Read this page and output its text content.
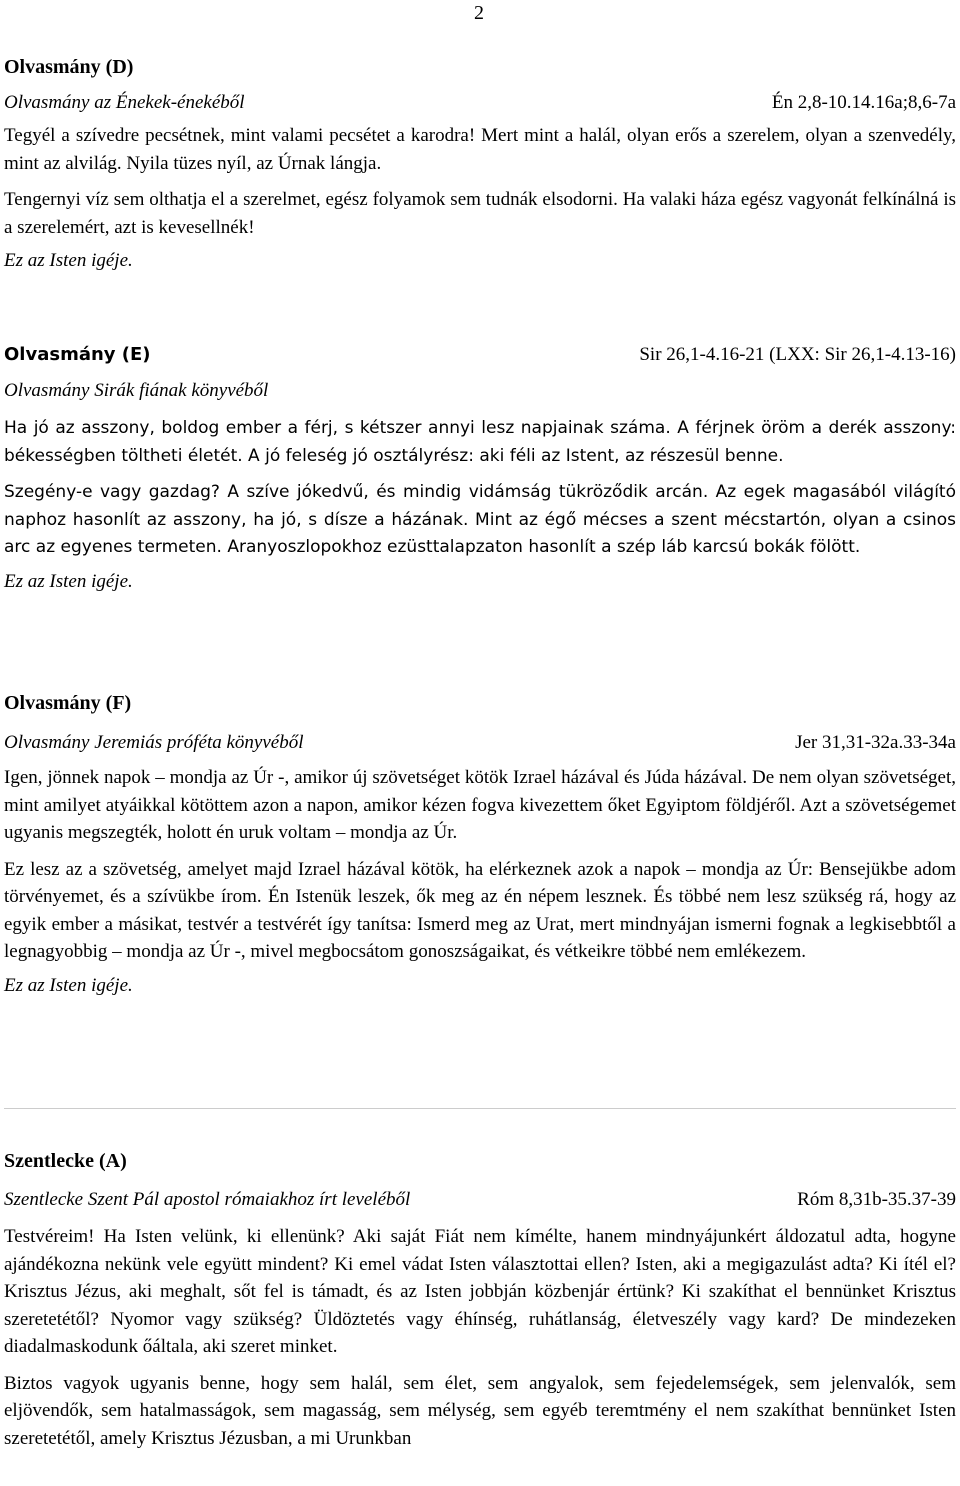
2
Olvasmány (D)
Olvasmány az Énekek-énekéből	Én 2,8-10.14.16a;8,6-7a

Tegyél a szívedre pecsétnek, mint valami pecsétet a karodra! Mert mint a halál, olyan erős a szerelem, olyan a szenvedély, mint az alvilág. Nyila tüzes nyíl, az Úrnak lángja.

Tengernyi víz sem olthatja el a szerelmet, egész folyamok sem tudnák elsodorni. Ha valaki háza egész vagyonát felkínálná is a szerelemért, azt is kevesellnék!

Ez az Isten igéje.
Olvasmány (E)	Sir 26,1-4.16-21 (LXX: Sir 26,1-4.13-16)
Olvasmány Sirák fiának könyvéből

Ha jó az asszony, boldog ember a férj, s kétszer annyi lesz napjainak száma. A férjnek öröm a derék asszony: békességben töltheti életét. A jó feleség jó osztályrész: aki féli az Istent, az részesül benne.

Szegény-e vagy gazdag? A szíve jókedvű, és mindig vidámság tükröződik arcán. Az egek magasából világító naphoz hasonlít az asszony, ha jó, s dísze a házának. Mint az égő mécses a szent mécstartón, olyan a csinos arc az egyenes termeten. Aranyoszlopokhoz ezüsttalapzaton hasonlít a szép láb karcsú bokák fölött.

Ez az Isten igéje.
Olvasmány (F)
Olvasmány Jeremiás próféta könyvéből	Jer 31,31-32a.33-34a

Igen, jönnek napok – mondja az Úr -, amikor új szövetséget kötök Izrael házával és Júda házával. De nem olyan szövetséget, mint amilyet atyáikkal kötöttem azon a napon, amikor kézen fogva kivezettem őket Egyiptom földjéről. Azt a szövetségemet ugyanis megszegték, holott én uruk voltam – mondja az Úr.

Ez lesz az a szövetség, amelyet majd Izrael házával kötök, ha elérkeznek azok a napok – mondja az Úr: Bensejükbe adom törvényemet, és a szívükbe írom. Én Istenük leszek, ők meg az én népem lesznek. És többé nem lesz szükség rá, hogy az egyik ember a másikat, testvér a testvérét így tanítsa: Ismerd meg az Urat, mert mindnyájan ismerni fognak a legkisebbtől a legnagyobbig – mondja az Úr -, mivel megbocsátom gonoszságaikat, és vétkeikre többé nem emlékezem.

Ez az Isten igéje.
Szentlecke (A)
Szentlecke Szent Pál apostol rómaiakhoz írt leveléből	Róm 8,31b-35.37-39

Testvéreim! Ha Isten velünk, ki ellenünk? Aki saját Fiát nem kímélte, hanem mindnyájunkért áldozatul adta, hogyne ajándékozna nekünk vele együtt mindent? Ki emel vádat Isten választottai ellen? Isten, aki a megigazulást adta? Ki ítél el? Krisztus Jézus, aki meghalt, sőt fel is támadt, és az Isten jobbján közbenjár értünk? Ki szakíthat el bennünket Krisztus szeretetétől? Nyomor vagy szükség? Üldöztetés vagy éhínség, ruhátlanság, életveszély vagy kard? De mindezeken diadalmaskodunk őáltala, aki szeret minket.

Biztos vagyok ugyanis benne, hogy sem halál, sem élet, sem angyalok, sem fejedelemségek, sem jelenvalók, sem eljövendők, sem hatalmasságok, sem magasság, sem mélység, sem egyéb teremtmény el nem szakíthat bennünket Isten szeretetétől, amely Krisztus Jézusban, a mi Urunkban
